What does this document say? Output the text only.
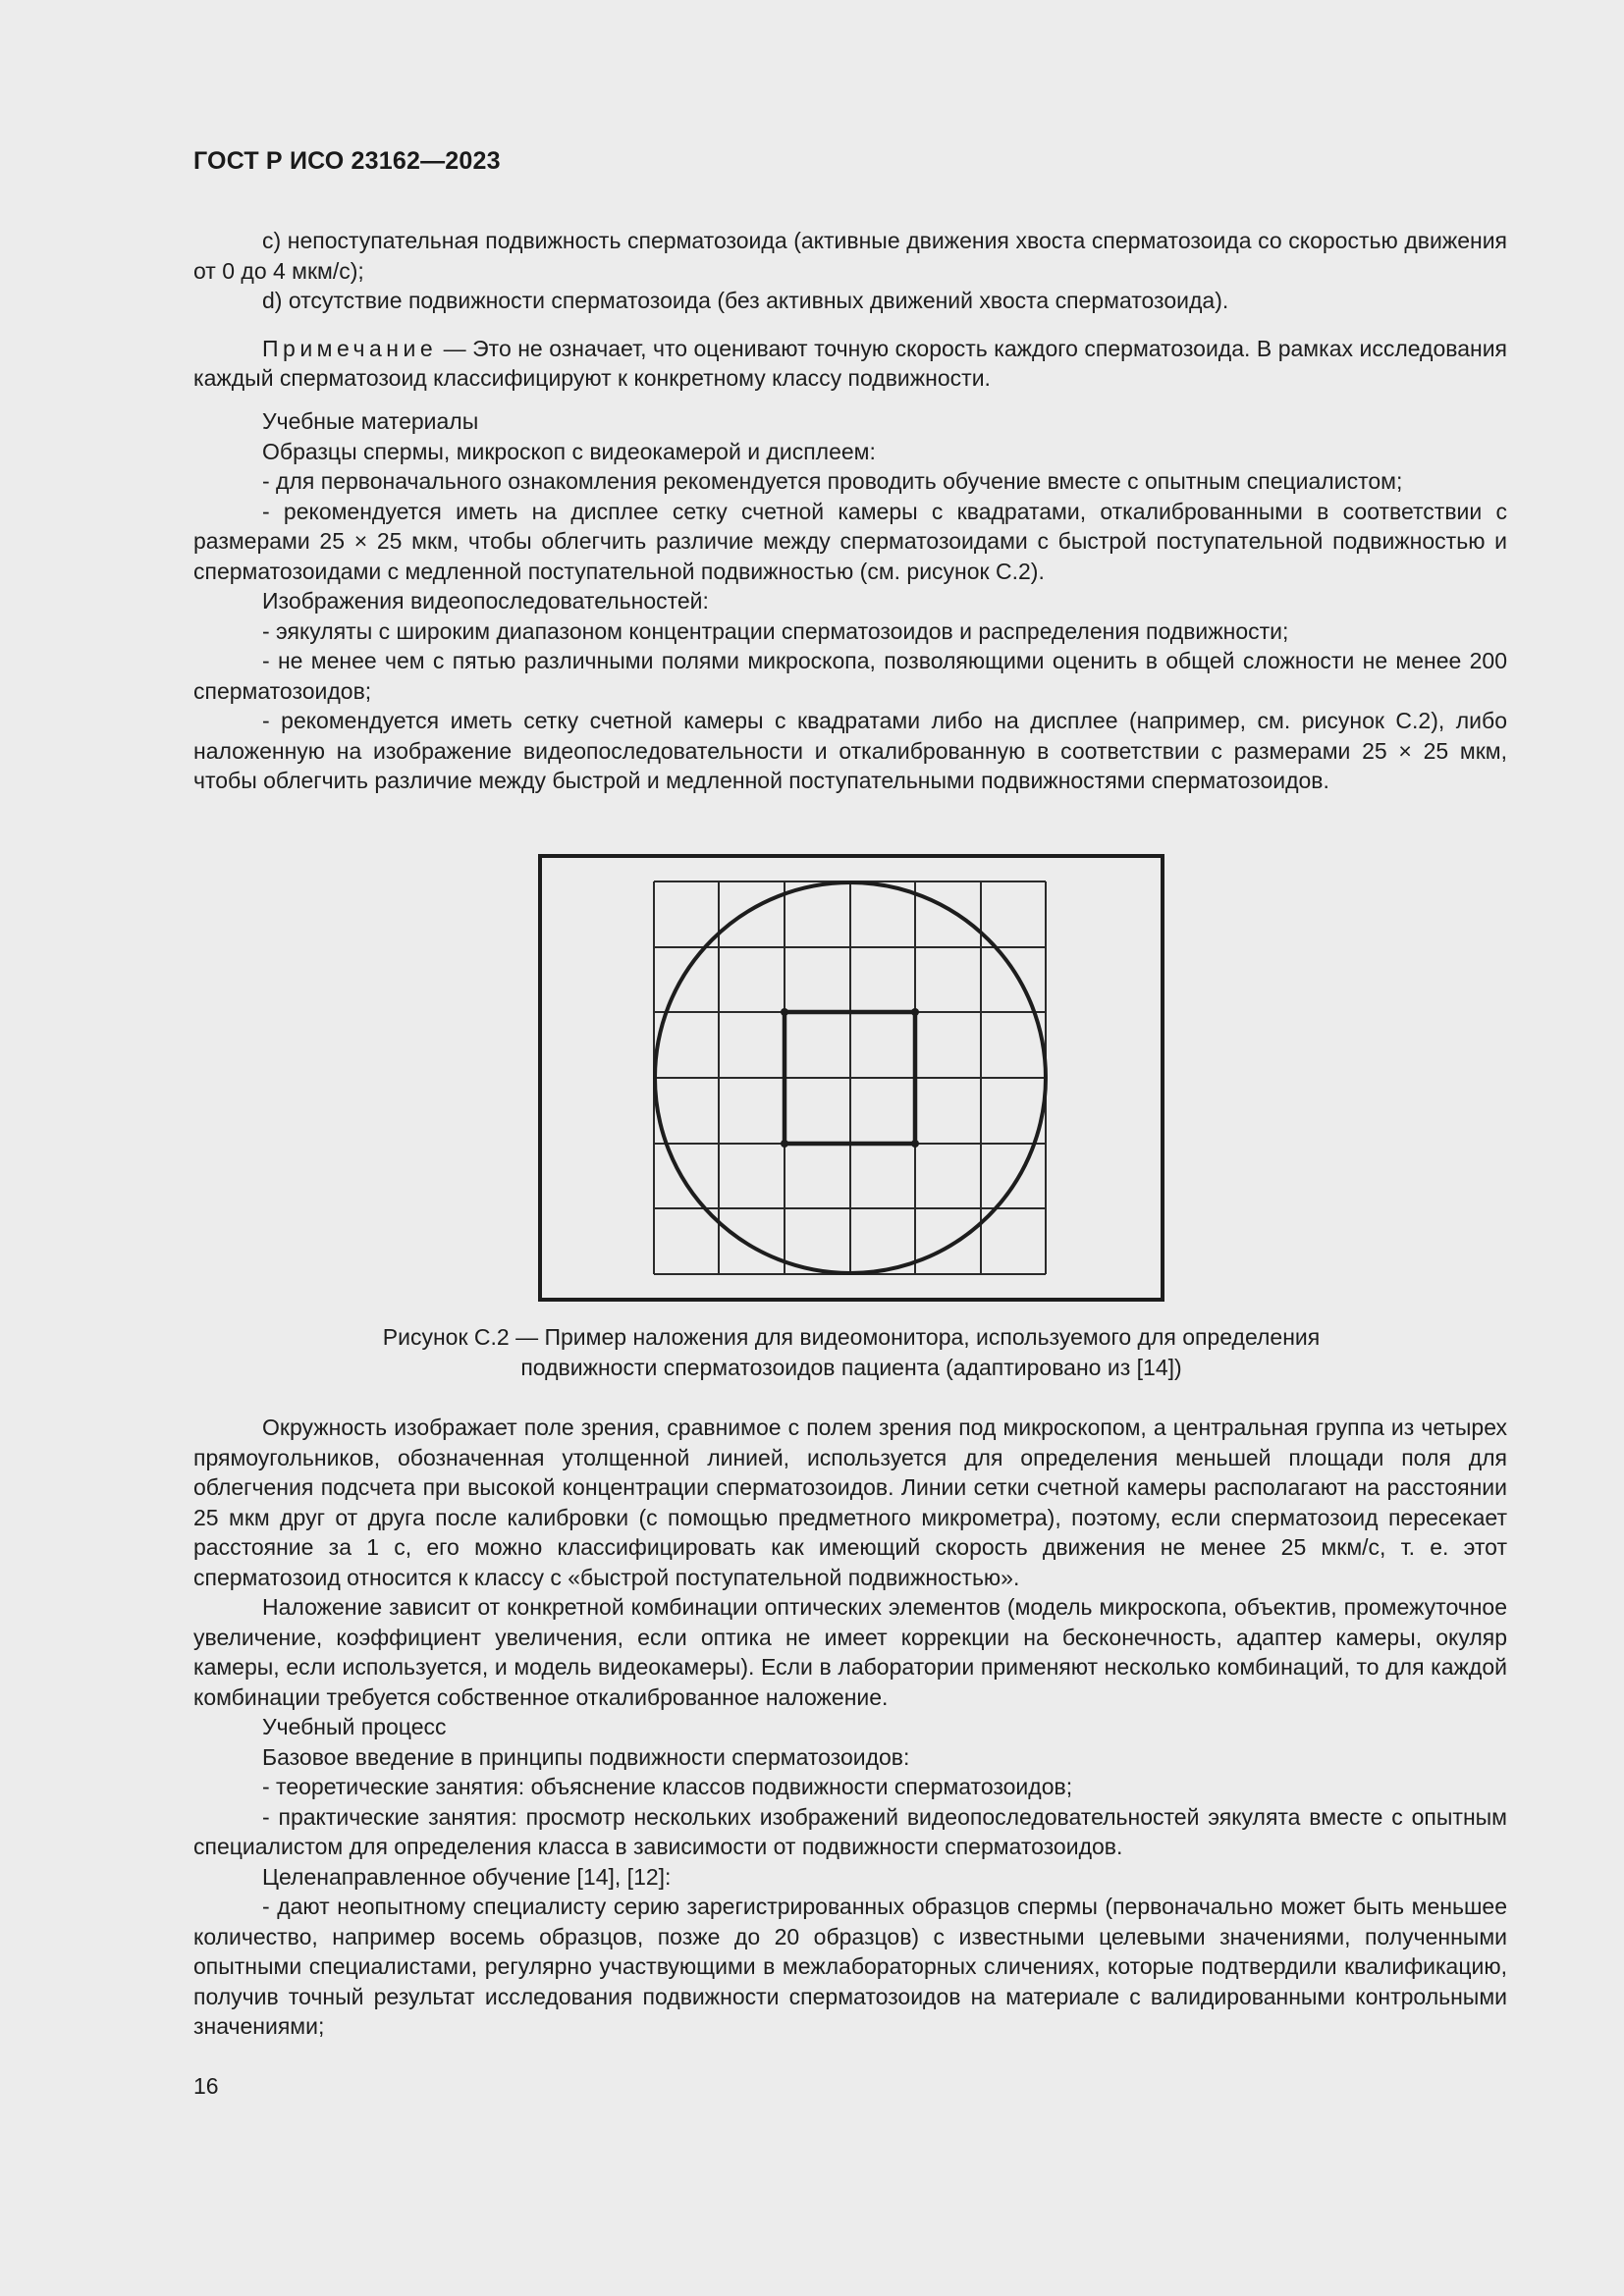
ГОСТ Р ИСО 23162—2023

c) непоступательная подвижность сперматозоида (активные движения хвоста сперматозоида со скоростью движения от 0 до 4 мкм/с);

d) отсутствие подвижности сперматозоида (без активных движений хвоста сперматозоида).

Примечание — Это не означает, что оценивают точную скорость каждого сперматозоида. В рамках исследования каждый сперматозоид классифицируют к конкретному классу подвижности.

Учебные материалы

Образцы спермы, микроскоп с видеокамерой и дисплеем:

- для первоначального ознакомления рекомендуется проводить обучение вместе с опытным специалистом;

- рекомендуется иметь на дисплее сетку счетной камеры с квадратами, откалиброванными в соответствии с размерами 25 × 25 мкм, чтобы облегчить различие между сперматозоидами с быстрой поступательной подвижностью и сперматозоидами с медленной поступательной подвижностью (см. рисунок С.2).

Изображения видеопоследовательностей:

- эякуляты с широким диапазоном концентрации сперматозоидов и распределения подвижности;

- не менее чем с пятью различными полями микроскопа, позволяющими оценить в общей сложности не менее 200 сперматозоидов;

- рекомендуется иметь сетку счетной камеры с квадратами либо на дисплее (например, см. рисунок С.2), либо наложенную на изображение видеопоследовательности и откалиброванную в соответствии с размерами 25 × 25 мкм, чтобы облегчить различие между быстрой и медленной поступательными подвижностями сперматозоидов.

Рисунок С.2 — Пример наложения для видеомонитора, используемого для определения
подвижности сперматозоидов пациента (адаптировано из [14])

Окружность изображает поле зрения, сравнимое с полем зрения под микроскопом, а центральная группа из четырех прямоугольников, обозначенная утолщенной линией, используется для определения меньшей площади поля для облегчения подсчета при высокой концентрации сперматозоидов. Линии сетки счетной камеры располагают на расстоянии 25 мкм друг от друга после калибровки (с помощью предметного микрометра), поэтому, если сперматозоид пересекает расстояние за 1 с, его можно классифицировать как имеющий скорость движения не менее 25 мкм/с, т. е. этот сперматозоид относится к классу с «быстрой поступательной подвижностью».

Наложение зависит от конкретной комбинации оптических элементов (модель микроскопа, объектив, промежуточное увеличение, коэффициент увеличения, если оптика не имеет коррекции на бесконечность, адаптер камеры, окуляр камеры, если используется, и модель видеокамеры). Если в лаборатории применяют несколько комбинаций, то для каждой комбинации требуется собственное откалиброванное наложение.

Учебный процесс

Базовое введение в принципы подвижности сперматозоидов:

- теоретические занятия: объяснение классов подвижности сперматозоидов;

- практические занятия: просмотр нескольких изображений видеопоследовательностей эякулята вместе с опытным специалистом для определения класса в зависимости от подвижности сперматозоидов.

Целенаправленное обучение [14], [12]:

- дают неопытному специалисту серию зарегистрированных образцов спермы (первоначально может быть меньшее количество, например восемь образцов, позже до 20 образцов) с известными целевыми значениями, полученными опытными специалистами, регулярно участвующими в межлабораторных сличениях, которые подтвердили квалификацию, получив точный результат исследования подвижности сперматозоидов на материале с валидированными контрольными значениями;

16
